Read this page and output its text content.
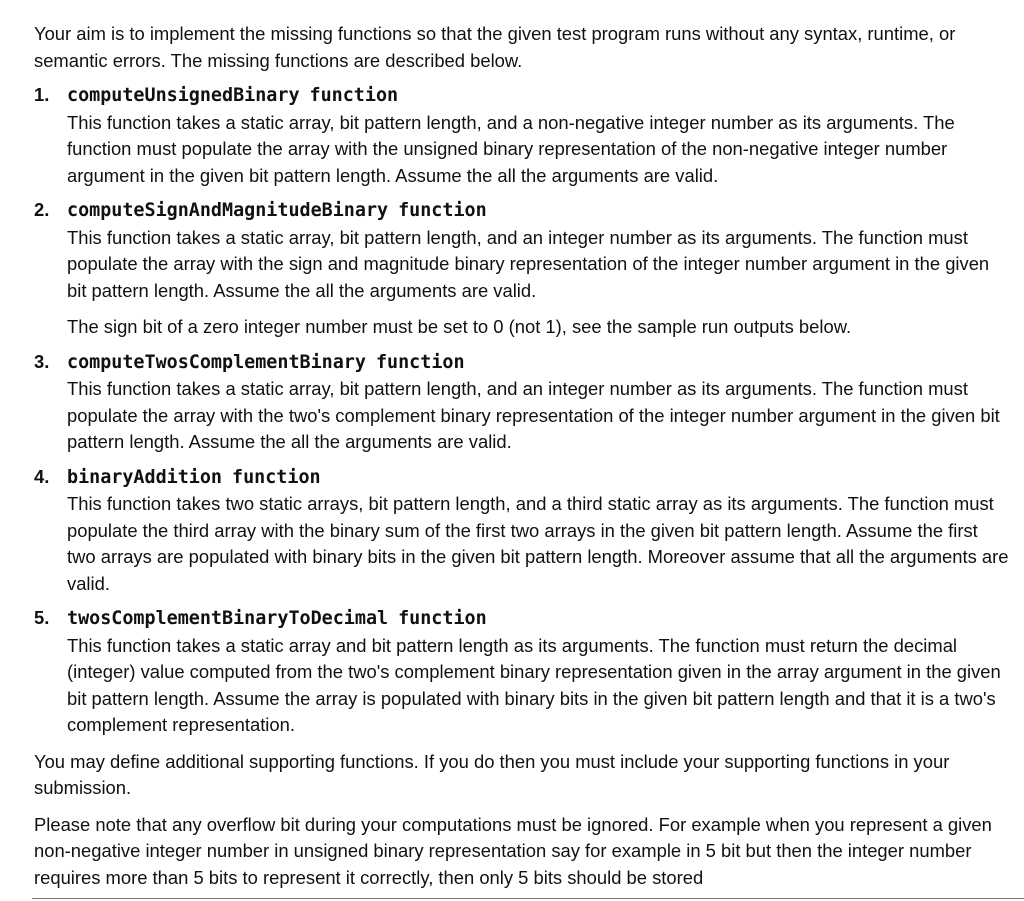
Your aim is to implement the missing functions so that the given test program runs without any syntax, runtime, or semantic errors. The missing functions are described below.

1. computeUnsignedBinary function

This function takes a static array, bit pattern length, and a non-negative integer number as its arguments. The function must populate the array with the unsigned binary representation of the non-negative integer number argument in the given bit pattern length. Assume the all the arguments are valid.

2. computeSignAndMagnitudeBinary function

This function takes a static array, bit pattern length, and an integer number as its arguments. The function must populate the array with the sign and magnitude binary representation of the integer number argument in the given bit pattern length. Assume the all the arguments are valid.

The sign bit of a zero integer number must be set to 0 (not 1), see the sample run outputs below.

3. computeTwosComplementBinary function

This function takes a static array, bit pattern length, and an integer number as its arguments. The function must populate the array with the two's complement binary representation of the integer number argument in the given bit pattern length. Assume the all the arguments are valid.

4. binaryAddition function

This function takes two static arrays, bit pattern length, and a third static array as its arguments. The function must populate the third array with the binary sum of the first two arrays in the given bit pattern length. Assume the first two arrays are populated with binary bits in the given bit pattern length. Moreover assume that all the arguments are valid.

5. twosComplementBinaryToDecimal function

This function takes a static array and bit pattern length as its arguments. The function must return the decimal (integer) value computed from the two's complement binary representation given in the array argument in the given bit pattern length. Assume the array is populated with binary bits in the given bit pattern length and that it is a two's complement representation.

You may define additional supporting functions. If you do then you must include your supporting functions in your submission.

Please note that any overflow bit during your computations must be ignored. For example when you represent a given non-negative integer number in unsigned binary representation say for example in 5 bit but then the integer number requires more than 5 bits to represent it correctly, then only 5 bits should be stored
